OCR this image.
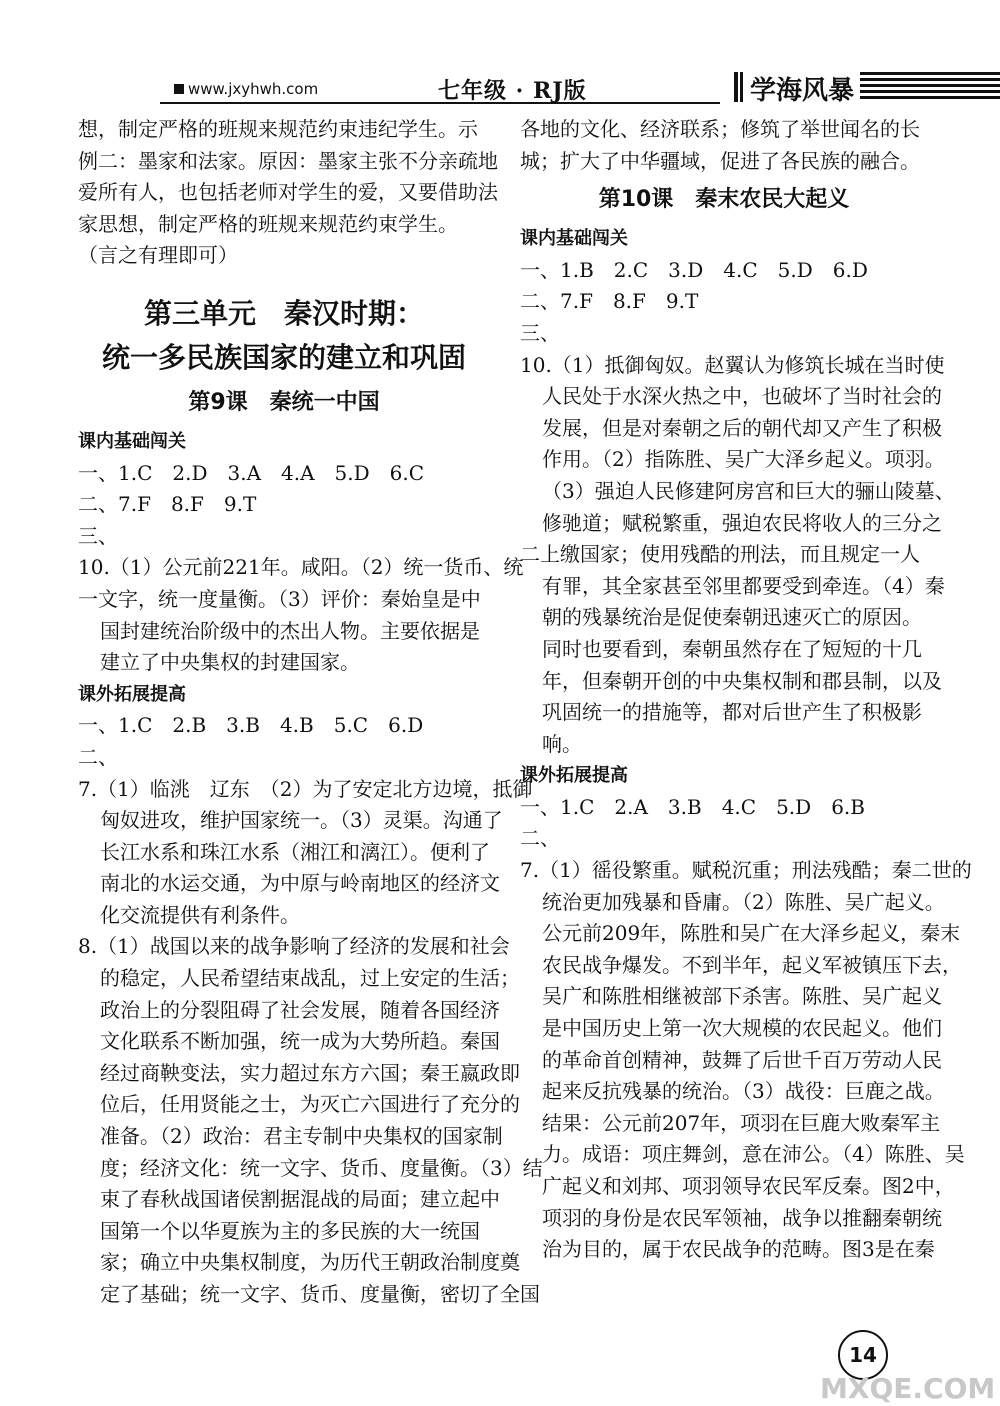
www.jxyhwh.com	七年级 · RJ版	学海风暴
想，制定严格的班规来规范约束违纪学生。示
例二：墨家和法家。原因：墨家主张不分亲疏地
爱所有人，也包括老师对学生的爱，又要借助法
家思想，制定严格的班规来规范约束学生。
（言之有理即可）
第三单元　秦汉时期：
统一多民族国家的建立和巩固
第9课　秦统一中国
课内基础闯关
一、1.C　2.D　3.A　4.A　5.D　6.C
二、7.F　8.F　9.T
三、
10.（1）公元前221年。咸阳。（2）统一货币、统
一文字，统一度量衡。（3）评价：秦始皇是中
国封建统治阶级中的杰出人物。主要依据是
建立了中央集权的封建国家。
课外拓展提高
一、1.C　2.B　3.B　4.B　5.C　6.D
二、
7.（1）临洮　辽东　（2）为了安定北方边境，抵御
匈奴进攻，维护国家统一。（3）灵渠。沟通了
长江水系和珠江水系（湘江和漓江）。便利了
南北的水运交通，为中原与岭南地区的经济文
化交流提供有利条件。
8.（1）战国以来的战争影响了经济的发展和社会
的稳定，人民希望结束战乱，过上安定的生活；
政治上的分裂阻碍了社会发展，随着各国经济
文化联系不断加强，统一成为大势所趋。秦国
经过商鞅变法，实力超过东方六国；秦王嬴政即
位后，任用贤能之士，为灭亡六国进行了充分的
准备。（2）政治：君主专制中央集权的国家制
度；经济文化：统一文字、货币、度量衡。（3）结
束了春秋战国诸侯割据混战的局面；建立起中
国第一个以华夏族为主的多民族的大一统国
家；确立中央集权制度，为历代王朝政治制度奠
定了基础；统一文字、货币、度量衡，密切了全国
各地的文化、经济联系；修筑了举世闻名的长
城；扩大了中华疆域，促进了各民族的融合。
第10课　秦末农民大起义
课内基础闯关
一、1.B　2.C　3.D　4.C　5.D　6.D
二、7.F　8.F　9.T
三、
10.（1）抵御匈奴。赵翼认为修筑长城在当时使
人民处于水深火热之中，也破坏了当时社会的
发展，但是对秦朝之后的朝代却又产生了积极
作用。（2）指陈胜、吴广大泽乡起义。项羽。
（3）强迫人民修建阿房宫和巨大的骊山陵墓、
修驰道；赋税繁重，强迫农民将收人的三分之
二上缴国家；使用残酷的刑法，而且规定一人
有罪，其全家甚至邻里都要受到牵连。（4）秦
朝的残暴统治是促使秦朝迅速灭亡的原因。
同时也要看到，秦朝虽然存在了短短的十几
年，但秦朝开创的中央集权制和郡县制，以及
巩固统一的措施等，都对后世产生了积极影
响。
课外拓展提高
一、1.C　2.A　3.B　4.C　5.D　6.B
二、
7.（1）徭役繁重。赋税沉重；刑法残酷；秦二世的
统治更加残暴和昏庸。（2）陈胜、吴广起义。
公元前209年，陈胜和吴广在大泽乡起义，秦末
农民战争爆发。不到半年，起义军被镇压下去，
吴广和陈胜相继被部下杀害。陈胜、吴广起义
是中国历史上第一次大规模的农民起义。他们
的革命首创精神，鼓舞了后世千百万劳动人民
起来反抗残暴的统治。（3）战役：巨鹿之战。
结果：公元前207年，项羽在巨鹿大败秦军主
力。成语：项庄舞剑，意在沛公。（4）陈胜、吴
广起义和刘邦、项羽领导农民军反秦。图2中，
项羽的身份是农民军领袖，战争以推翻秦朝统
治为目的，属于农民战争的范畴。图3是在秦
14
MXQE.COM
